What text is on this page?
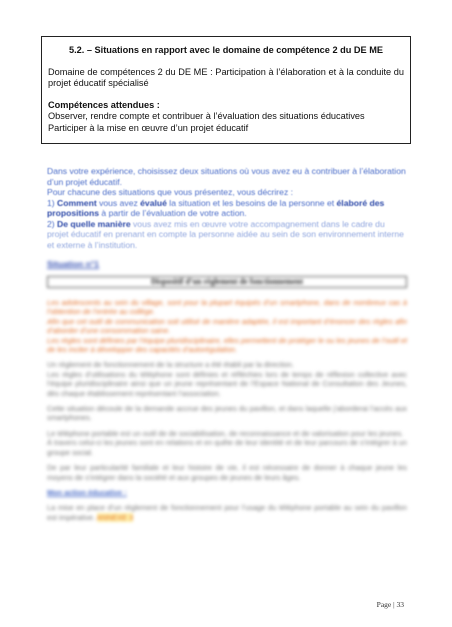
5.2. – Situations en rapport avec le domaine de compétence 2 du DE ME

Domaine de compétences 2 du DE ME : Participation à l’élaboration et à la conduite du projet éducatif spécialisé

Compétences attendues :

Observer, rendre compte et contribuer à l’évaluation des situations éducatives

Participer à la mise en œuvre d’un projet éducatif

Dans votre expérience, choisissez deux situations où vous avez eu à contribuer à l’élaboration d’un projet éducatif.

Pour chacune des situations que vous présentez, vous décrirez :

1) Comment vous avez évalué la situation et les besoins de la personne et élaboré des propositions à partir de l’évaluation de votre action.

2) De quelle manière vous avez mis en œuvre votre accompagnement dans le cadre du projet éducatif en prenant en compte la personne aidée au sein de son environnement interne et externe à l’institution.

Situation n°1
Dispositif d’un règlement de fonctionnement

Les adolescents au sein du village, sont pour la plupart équipés d’un smartphone, dans de nombreux cas à l’obtention de l’entrée au collège.
Afin que cet outil de communication soit utilisé de manière adaptée, il est important d’énoncer des règles afin d’aborder d’une consommation saine.
Les règles sont définies par l’équipe pluridisciplinaire, elles permettent de protéger le ou les jeunes de l’outil et de les inciter à développer des capacités d’autorégulation.

Un règlement de fonctionnement de la structure a été établi par la direction.
Les règles d’utilisations du téléphone sont définies et réfléchies lors de temps de réflexion collective avec l’équipe pluridisciplinaire ainsi que un jeune représentant de l’Espace National de Consultation des Jeunes, dès chaque établissement représentant l’association.

Cette situation découle de la demande accrue des jeunes du pavillon, et dans laquelle j’aborderai l’accès aux smartphones.

Le téléphone portable est un outil de de sociabilisation, de reconnaissance et de valorisation pour les jeunes.
À travers celui-ci les jeunes sont en relations et en quête de leur identité et de leur parcours de s’intégrer à un groupe social.

De par leur particularité familiale et leur histoire de vie, il est nécessaire de donner à chaque jeune les moyens de s’intégrer dans la société et aux groupes de jeunes de leurs âges.

Mon action éducative :

La mise en place d’un règlement de fonctionnement pour l’usage du téléphone portable au sein du pavillon est impérative. ANNEXE 3

Page | 33
